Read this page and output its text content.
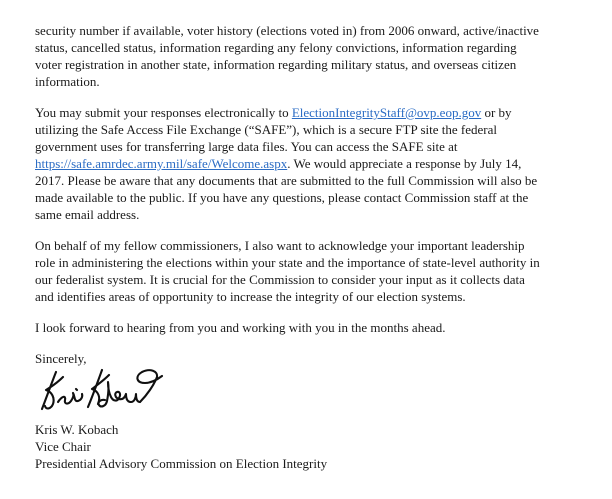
security number if available, voter history (elections voted in) from 2006 onward, active/inactive
status, cancelled status, information regarding any felony convictions, information regarding
voter registration in another state, information regarding military status, and overseas citizen
information.

You may submit your responses electronically to ElectionIntegrityStaff@ovp.eop.gov or by
utilizing the Safe Access File Exchange (“SAFE”), which is a secure FTP site the federal
government uses for transferring large data files. You can access the SAFE site at
https://safe.amrdec.army.mil/safe/Welcome.aspx. We would appreciate a response by July 14,
2017. Please be aware that any documents that are submitted to the full Commission will also be
made available to the public. If you have any questions, please contact Commission staff at the
same email address.

On behalf of my fellow commissioners, I also want to acknowledge your important leadership
role in administering the elections within your state and the importance of state-level authority in
our federalist system. It is crucial for the Commission to consider your input as it collects data
and identifies areas of opportunity to increase the integrity of our election systems.

I look forward to hearing from you and working with you in the months ahead.

Sincerely,

Kris W. Kobach
Vice Chair
Presidential Advisory Commission on Election Integrity
